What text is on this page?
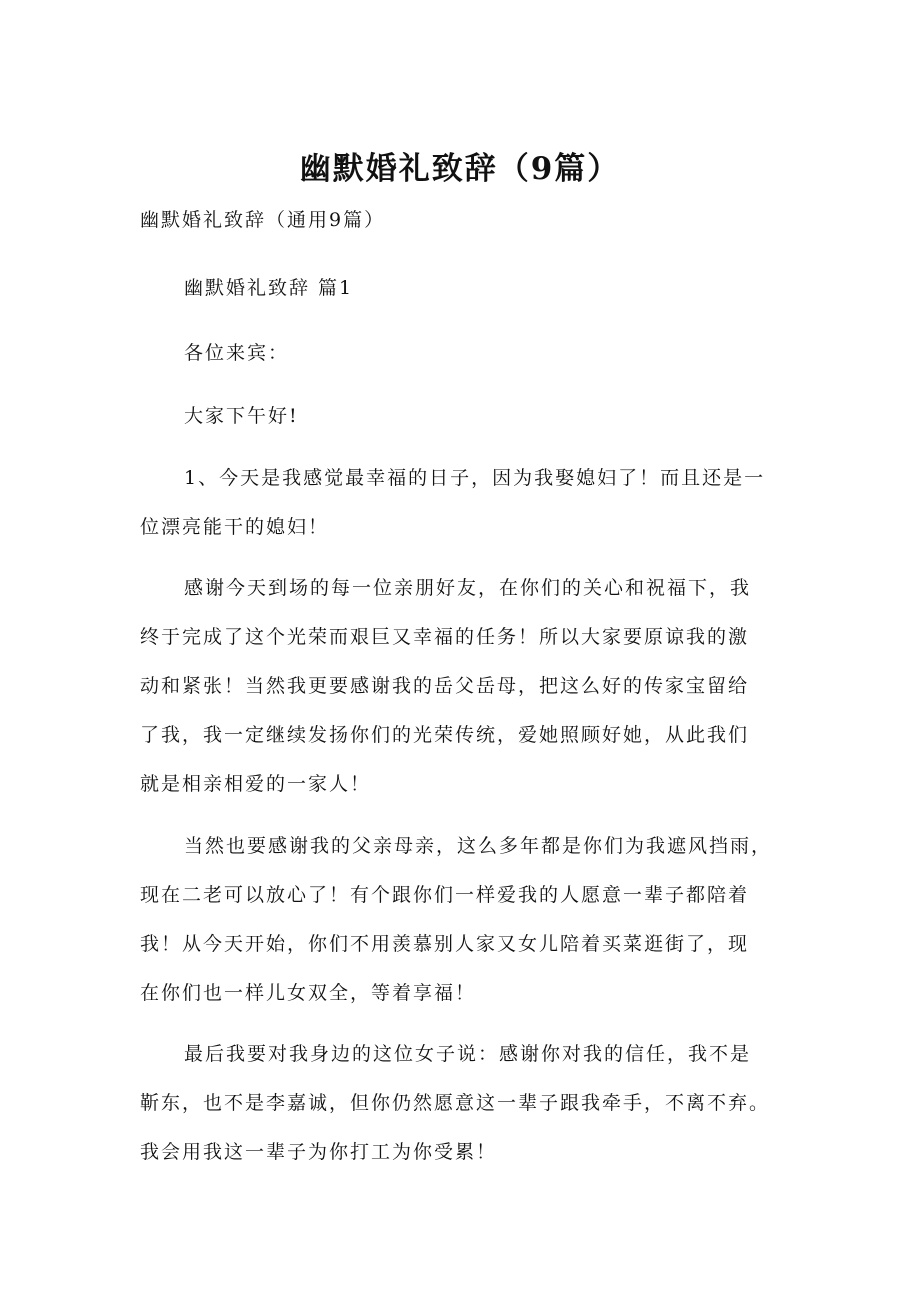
幽默婚礼致辞（9篇）
幽默婚礼致辞（通用9篇）
幽默婚礼致辞 篇1
各位来宾：
大家下午好!
1、今天是我感觉最幸福的日子，因为我娶媳妇了！而且还是一
位漂亮能干的媳妇！
感谢今天到场的每一位亲朋好友，在你们的关心和祝福下，我
终于完成了这个光荣而艰巨又幸福的任务！所以大家要原谅我的激
动和紧张！当然我更要感谢我的岳父岳母，把这么好的传家宝留给
了我，我一定继续发扬你们的光荣传统，爱她照顾好她，从此我们
就是相亲相爱的一家人！
当然也要感谢我的父亲母亲，这么多年都是你们为我遮风挡雨，
现在二老可以放心了！有个跟你们一样爱我的人愿意一辈子都陪着
我！从今天开始，你们不用羡慕别人家又女儿陪着买菜逛街了，现
在你们也一样儿女双全，等着享福！
最后我要对我身边的这位女子说：感谢你对我的信任，我不是
靳东，也不是李嘉诚，但你仍然愿意这一辈子跟我牵手，不离不弃。
我会用我这一辈子为你打工为你受累！
